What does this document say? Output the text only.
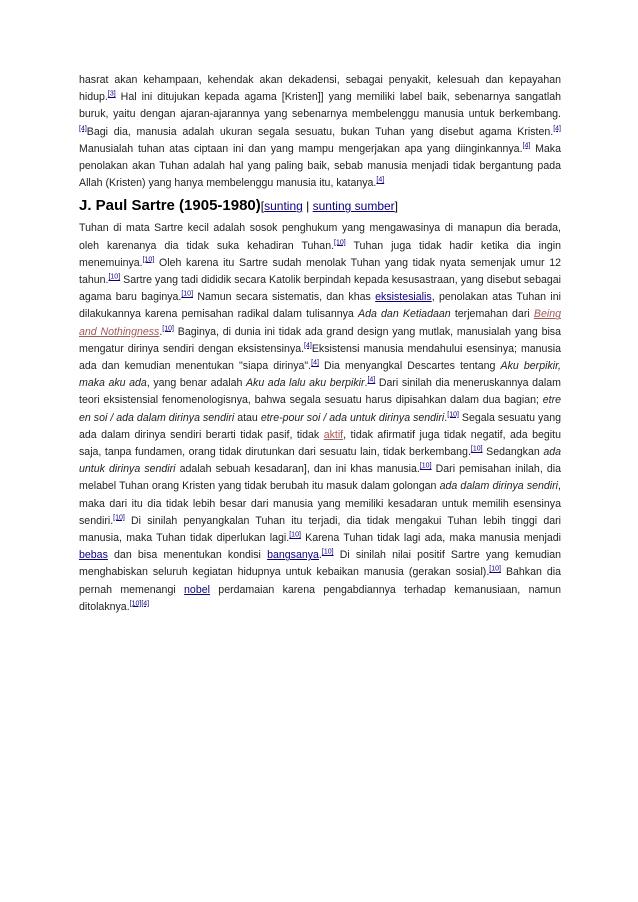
hasrat akan kehampaan, kehendak akan dekadensi, sebagai penyakit, kelesuah dan kepayahan hidup.[3] Hal ini ditujukan kepada agama [Kristen]] yang memiliki label baik, sebenarnya sangatlah buruk, yaitu dengan ajaran-ajarannya yang sebenarnya membelenggu manusia untuk berkembang.[4]Bagi dia, manusia adalah ukuran segala sesuatu, bukan Tuhan yang disebut agama Kristen.[4] Manusialah tuhan atas ciptaan ini dan yang mampu mengerjakan apa yang diinginkannya.[4] Maka penolakan akan Tuhan adalah hal yang paling baik, sebab manusia menjadi tidak bergantung pada Allah (Kristen) yang hanya membelenggu manusia itu, katanya.[4]

J. Paul Sartre (1905-1980)[sunting | sunting sumber]

Tuhan di mata Sartre kecil adalah sosok penghukum yang mengawasinya di manapun dia berada, oleh karenanya dia tidak suka kehadiran Tuhan.[10] Tuhan juga tidak hadir ketika dia ingin menemuinya.[10] Oleh karena itu Sartre sudah menolak Tuhan yang tidak nyata semenjak umur 12 tahun.[10] Sartre yang tadi dididik secara Katolik berpindah kepada kesusastraan, yang disebut sebagai agama baru baginya.[10] Namun secara sistematis, dan khas eksistesialis, penolakan atas Tuhan ini dilakukannya karena pemisahan radikal dalam tulisannya Ada dan Ketiadaan terjemahan dari Being and Nothingness.[10] Baginya, di dunia ini tidak ada grand design yang mutlak, manusialah yang bisa mengatur dirinya sendiri dengan eksistensinya.[4]Eksistensi manusia mendahului esensinya; manusia ada dan kemudian menentukan "siapa dirinya".[4] Dia menyangkal Descartes tentang Aku berpikir, maka aku ada, yang benar adalah Aku ada lalu aku berpikir.[4] Dari sinilah dia meneruskannya dalam teori eksistensial fenomenologisnya, bahwa segala sesuatu harus dipisahkan dalam dua bagian; etre en soi / ada dalam dirinya sendiri atau etre-pour soi / ada untuk dirinya sendiri.[10] Segala sesuatu yang ada dalam dirinya sendiri berarti tidak pasif, tidak aktif, tidak afirmatif juga tidak negatif, ada begitu saja, tanpa fundamen, orang tidak dirutunkan dari sesuatu lain, tidak berkembang.[10] Sedangkan ada untuk dirinya sendiri adalah sebuah kesadaran], dan ini khas manusia.[10] Dari pemisahan inilah, dia melabel Tuhan orang Kristen yang tidak berubah itu masuk dalam golongan ada dalam dirinya sendiri, maka dari itu dia tidak lebih besar dari manusia yang memiliki kesadaran untuk memilih esensinya sendiri.[10] Di sinilah penyangkalan Tuhan itu terjadi, dia tidak mengakui Tuhan lebih tinggi dari manusia, maka Tuhan tidak diperlukan lagi.[10] Karena Tuhan tidak lagi ada, maka manusia menjadi bebas dan bisa menentukan kondisi bangsanya.[10] Di sinilah nilai positif Sartre yang kemudian menghabiskan seluruh kegiatan hidupnya untuk kebaikan manusia (gerakan sosial).[10] Bahkan dia pernah memenangi nobel perdamaian karena pengabdiannya terhadap kemanusiaan, namun ditolaknya.[10][4]
